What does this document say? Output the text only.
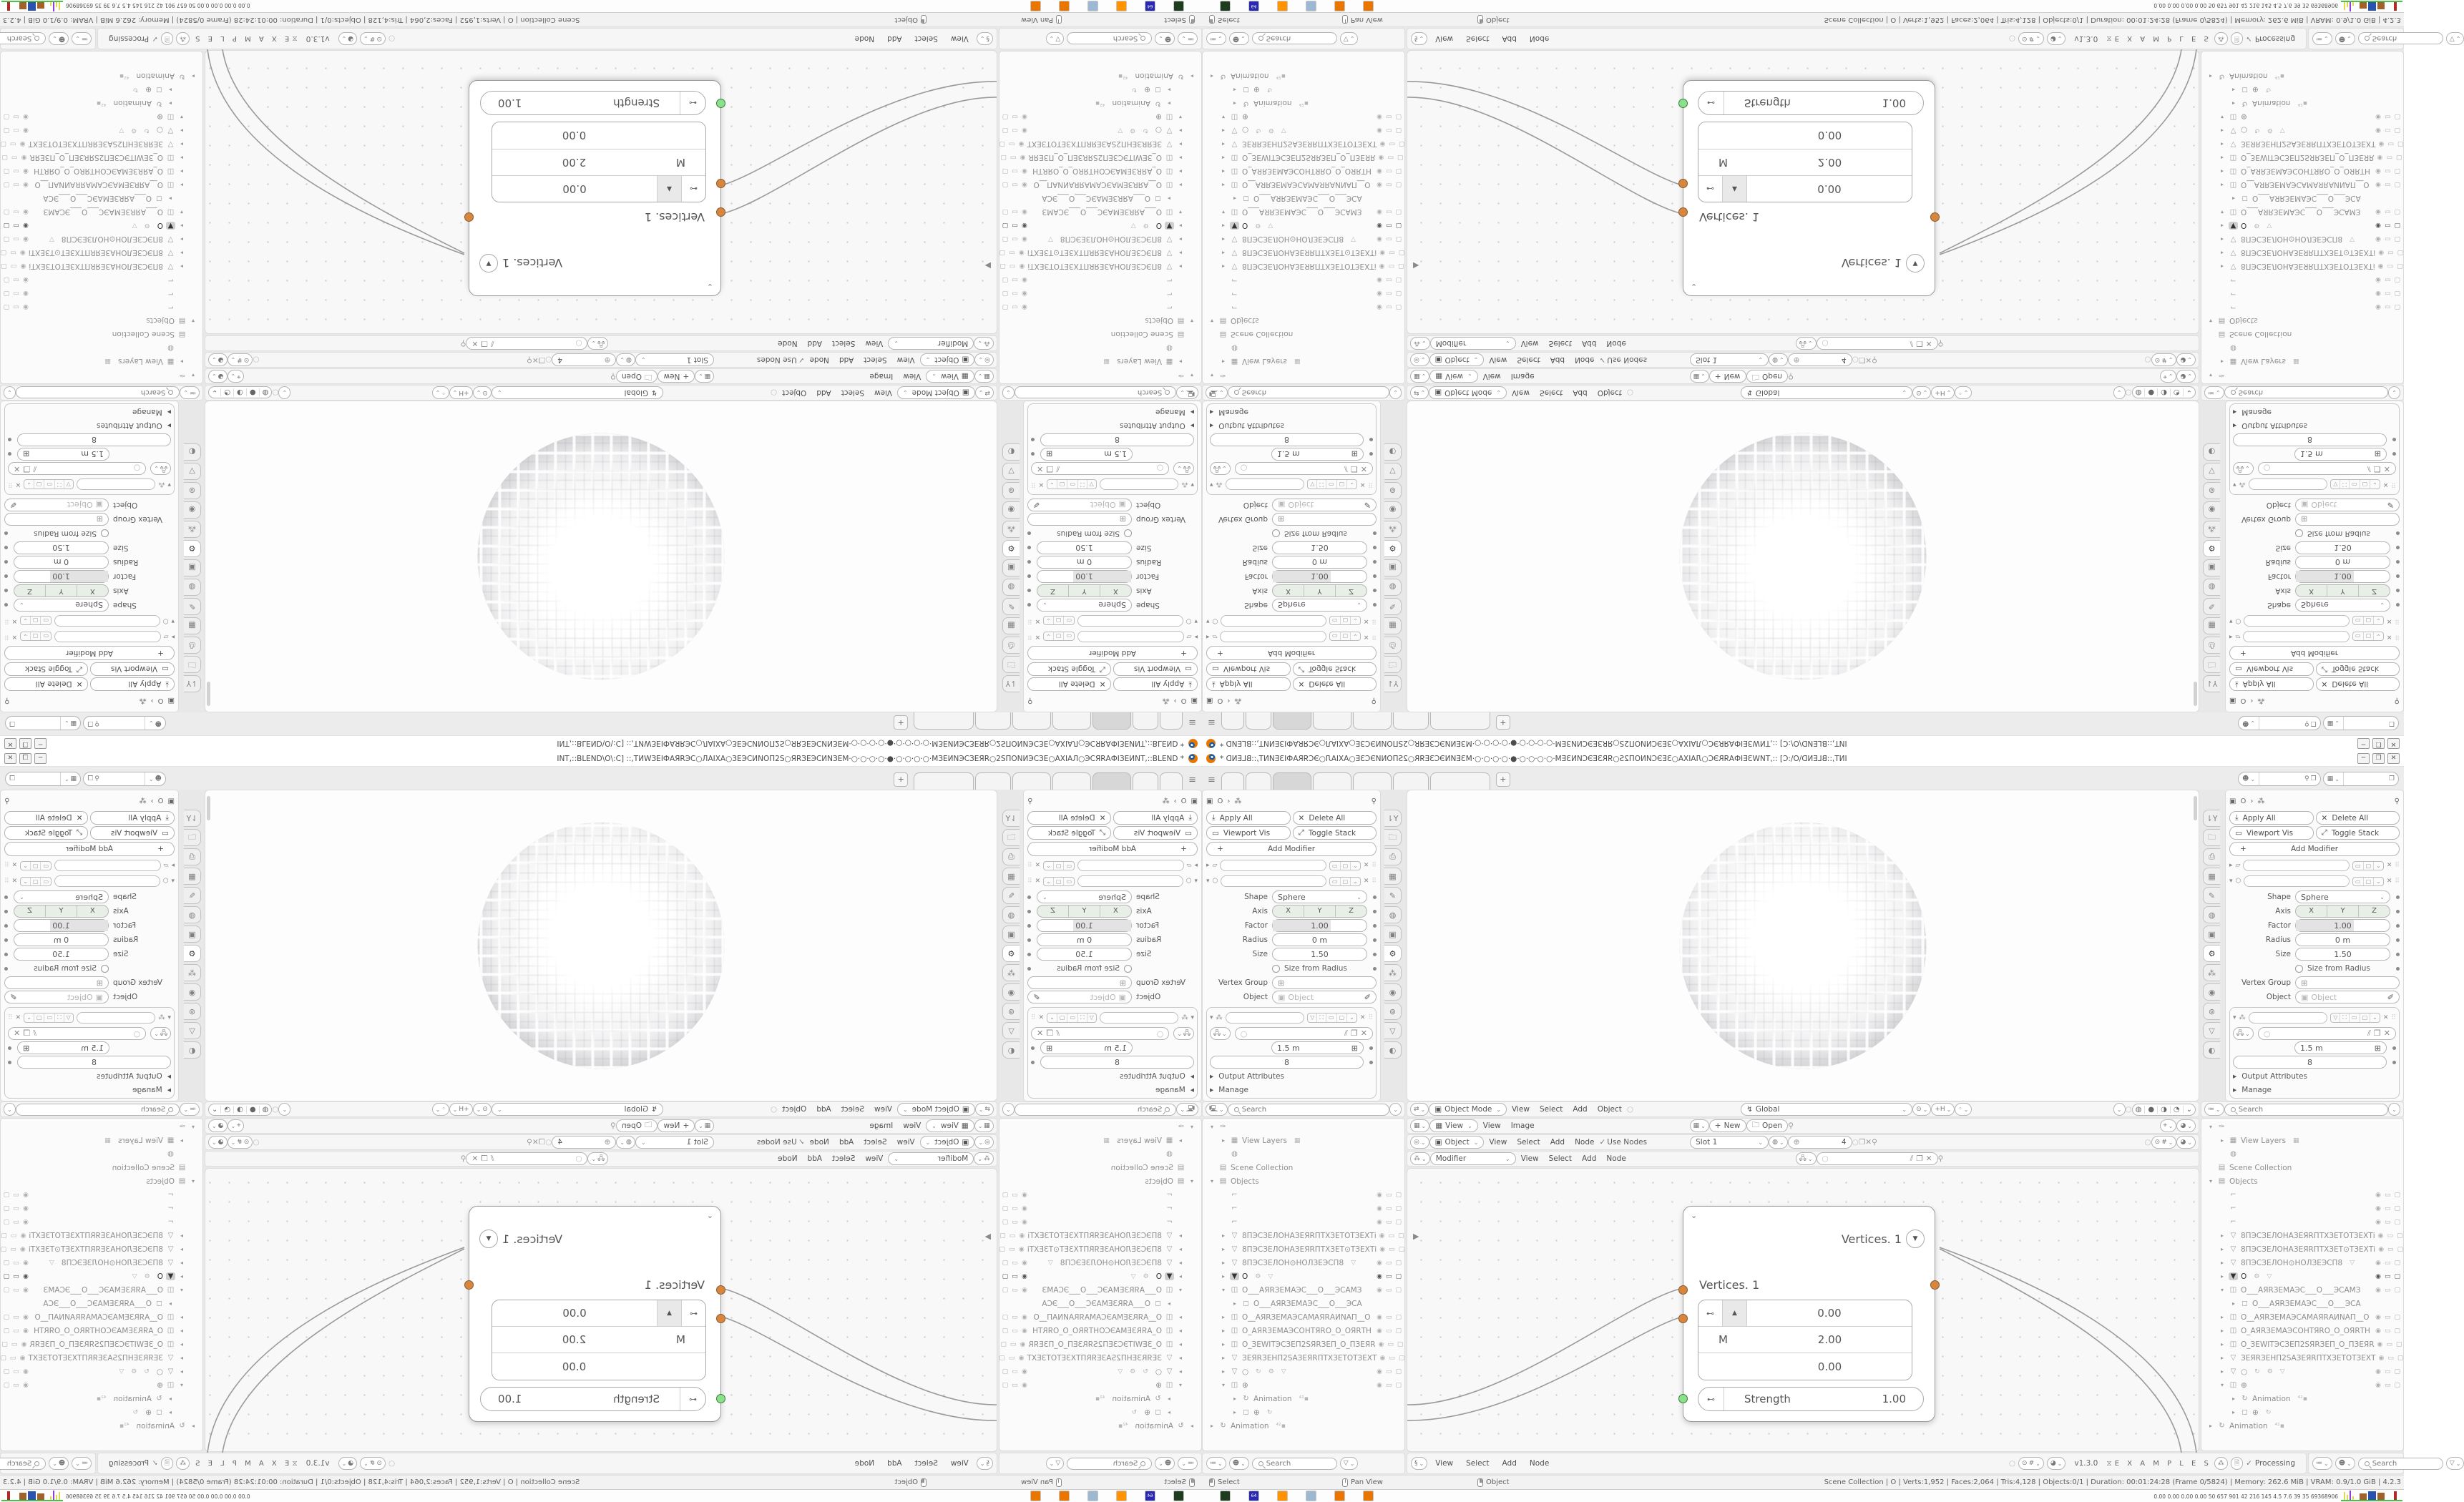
INT,::BLEND\O\:C] ::,TИWЗЕIФАЯRЭС○ЛАIХА○ЗЕЭСИNОП2S○ЯRЗЕЭСИNЗЕМ·○·○·○·○·●·○·○·○·○·МЗЕИNЭСЗЕЯR○2SПОNИЭСЗЕ○АХIАЛ○ЭСЯRАФІЗЕИNТ,::BLEND *
─
❒
✕
≡
+
☻
⌄
⚲
❐
▦
⌄
❐
▣
O
›
⁂
⚲
⤓
Apply All
✕
Delete All
▭
Viewport Vis
⤢
Toggle Stack
+
Add Modifier
▸
▱
▭
▢
⌄
✕
⠿
▾
⬡
▭
▢
⌄
✕
⠿
Shape
Sphere
⌄
Axis
X
Y
Z
Factor
1.00
Radius
0 m
Size
1.50
Size from Radius
Vertex Group
⊞
Object
▣
Object
✐
▾
⁂
▽
⛶
▭
▢
⌄
✕
⠿
🖧
⌄
○
⫽
❐
✕
1.5 m
⊞
8
▸
Output Attributes
▸
Manage
⇂Y
🗀
⎙
▦
✎
◍
▣
⚙
⁂
◉
⊚
▽
◐
▣
O
›
⁂
⚲
⤓
Apply All
✕
Delete All
▭
Viewport Vis
⤢
Toggle Stack
+
Add Modifier
▸
▱
▭
▢
⌄
✕
⠿
▾
⬡
▭
▢
⌄
✕
⠿
Shape
Sphere
⌄
Axis
X
Y
Z
Factor
1.00
Radius
0 m
Size
1.50
Size from Radius
Vertex Group
⊞
Object
▣
Object
✐
▾
⁂
▽
⛶
▭
▢
⌄
✕
⠿
🖧
⌄
○
⫽
❐
✕
1.5 m
⊞
8
▸
Output Attributes
▸
Manage
⇂Y
🗀
⎙
▦
✎
◍
▣
⚙
⁂
◉
⊚
▽
◐
🖳
⌄
Search
⌄
⇄
⌄
▣
Object Mode
⌄
View
Select
Add
Object
○
↯
Global
⌄
⊙
⌄
+H
⌄
◦
⌄
⌄
○
◍
●
◑
◔
⌄
≔
⌄
Search
⌄
▦
⌄
▦
View
⌄
View
Image
▦
⌄
+
New
🗀
Open
⚲
⌖
⌄
◕
⌄
◎
⌄
▣
Object
⌄
View
Select
Add
Node
✓
Use Nodes
Slot 1
⌄
◍
⌄
⊕
4
○
❐
✕
⚲
○
⊙
#
⌄
◕
⌄
⁂
⌄
Modifier
⌄
View
Select
Add
Node
🖧
⌄
○
⫽
❐
✕
⚲
▾
✑
▸
▦
View Layers
▦
◍
▤
Scene Collection
▾
▤
Objects
⌐
◉
▭
▢
⌐
◉
▭
▢
⌐
◉
▭
▢
▸
▽
8ПЭСЗЕЛОНАЗЕЯRПТХЗЕТОТЗЕХТi
◉
▭
▢
▸
▽
8ПЭСЗЕЛОНАЗЕЯRПТХЗЕТ⊙ТЗЕХТi
◉
▭
▢
▸
▽
8ПЭСЗЕЛОН⊙НОЛЗЕЭСП8
▽
◉
▭
▢
▸
▼
O
⚙
▽
◉
▭
▢
▾
◫
O___АЯRЗЕМАЭС___O___ЭСАМЗ
◉
▭
▢
▸
◻
O___АЯRЗЕМАЭС___O___ЭСА
▸
◫
O__АЯRЗЕМАЭСАМАЯRАИNАП__O
◉
▭
▢
▸
◫
O_АЯRЗЕМАЭСОНТЯRO_O_OЯRТН
◉
▭
▢
▸
◫
O_ЗЕWIТЭСЗЕП2SЯRЗЕП_O_ПЗЕЯR
◉
▭
▢
▸
▽
ЗЕЯRЗЕНП2SАЗЕЯRПТХЗЕТОТЗЕХТ
◉
▭
▢
▸
▽
○
↻
⚙
▽
◉
▭
▢
▾
◫
⊕
◉
▭
▢
▸
↻
Animation
⁴²▪
▸
◻
⊕
↻
▸
↻
Animation
⁴²▪
▾
✑
▸
▦
View Layers
▦
◍
▤
Scene Collection
▾
▤
Objects
⌐
◉
▭
▢
⌐
◉
▭
▢
⌐
◉
▭
▢
▸
▽
8ПЭСЗЕЛОНАЗЕЯRПТХЗЕТОТЗЕХТi
◉
▭
▢
▸
▽
8ПЭСЗЕЛОНАЗЕЯRПТХЗЕТ⊙ТЗЕХТi
◉
▭
▢
▸
▽
8ПЭСЗЕЛОН⊙НОЛЗЕЭСП8
▽
◉
▭
▢
▸
▼
O
⚙
▽
◉
▭
▢
▾
◫
O___АЯRЗЕМАЭС___O___ЭСАМЗ
◉
▭
▢
▸
◻
O___АЯRЗЕМАЭС___O___ЭСА
▸
◫
O__АЯRЗЕМАЭСАМАЯRАИNАП__O
◉
▭
▢
▸
◫
O_АЯRЗЕМАЭСОНТЯRO_O_OЯRТН
◉
▭
▢
▸
◫
O_ЗЕWIТЭСЗЕП2SЯRЗЕП_O_ПЗЕЯR
◉
▭
▢
▸
▽
ЗЕЯRЗЕНП2SАЗЕЯRПТХЗЕТОТЗЕХТ
◉
▭
▢
▸
▽
○
↻
⚙
▽
◉
▭
▢
▾
◫
⊕
◉
▭
▢
▸
↻
Animation
⁴²▪
▸
◻
⊕
↻
▸
↻
Animation
⁴²▪
▶
⌄
Vertices. 1
▼
Vertices. 1
⊷
▲
0.00
M
2.00
0.00
⊷
Strength
1.00
≔
⌄
☻
⌄
Search
▽
⌄
§
⌄
View
Select
Add
Node
○
⊙
#
⌄
◕
⌄
v1.3.0
⧖
E X A M P L E S
⁂
🗎
✓
Processing
≔
⌄
☻
⌄
Search
Scene Collection | O | Verts:1,952 | Faces:2,064 | Tris:4,128 | Objects:0/1 | Duration: 00:01:24:28 (Frame 0/5824) | Memory: 262.6 MiB | VRAM: 0.9/1.0 GiB | 4.2.3	Select
Pan View
Object
64
0.00 0.00 0.00 0.00 50 657 901 42 216 145 4.5 7.6 39 35 69368906
INT,::BLEND\O\:C] ::,TИWЗЕIФАЯRЭС○ЛАIХА○ЗЕЭСИNОП2S○ЯRЗЕЭСИNЗЕМ·○·○·○·○·●·○·○·○·○·МЗЕИNЭСЗЕЯR○2SПОNИЭСЗЕ○АХIАЛ○ЭСЯRАФІЗЕИNТ,::BLEND *	─	❒	✕
≡	+	☻ ⌄	⚲ ❐ ▦ ⌄	❐
▣ O › ⁂	⚲
⤓ Apply All	✕ Delete All
▭ Viewport Vis	⤢ Toggle Stack
+	Add Modifier
▸ ▱	▭ ▢ ⌄ ✕ ⠿
▾ ⬡	▭ ▢ ⌄ ✕ ⠿
Shape Sphere	⌄
Axis	X	Y	Z
Factor	1.00
Radius	0 m
Size	1.50
Size from Radius
Vertex Group ⊞
Object ▣ Object	✐
▾ ⁂	▽ ⛶ ▭ ▢ ⌄ ✕ ⠿
🖧 ⌄ ○	⫽ ❐ ✕
1.5 m	⊞
8
▸ Output Attributes
▸ Manage
⇂Y
🗀
⎙
▦
✎
◍
▣
⚙
⁂
◉
⊚
▽
◐
▣ O › ⁂	⚲
⤓ Apply All	✕ Delete All
▭ Viewport Vis	⤢ Toggle Stack
+	Add Modifier
▸ ▱	▭ ▢ ⌄ ✕ ⠿
▾ ⬡	▭ ▢ ⌄ ✕ ⠿
Shape Sphere	⌄
Axis	X	Y	Z
Factor	1.00
Radius	0 m
Size	1.50
Size from Radius
Vertex Group ⊞
Object ▣ Object	✐
▾ ⁂	▽ ⛶ ▭ ▢ ⌄ ✕ ⠿
🖧 ⌄ ○	⫽ ❐ ✕
1.5 m	⊞
8
▸ Output Attributes
▸ Manage
⇂Y
🗀
⎙
▦
✎
◍
▣
⚙
⁂
◉
⊚
▽
◐
🖳 ⌄
Search	⌄ ⇄ ⌄ ▣ Object Mode ⌄ View Select Add Object ○	↯ Global	⌄ ⊙ ⌄ +H ⌄ ◦ ⌄	⌄ ○ ◍ ● ◑ ◔ ⌄	≔ ⌄
Search	⌄
▦ ⌄ ▦ View ⌄ View Image	▦ ⌄ + New 🗀 Open ⚲	⌖ ⌄ ◕ ⌄
◎ ⌄ ▣ Object ⌄ View Select Add Node ✓ Use Nodes	Slot 1	⌄ ◍ ⌄ ⊕	4 ○ ❐ ✕ ⚲	○ ⊙ # ⌄ ◕ ⌄
⁂ ⌄ Modifier	⌄ View Select Add Node	🖧 ⌄ ○	⫽ ❐ ✕ ⚲
▾ ✑
▸ ▦ View Layers ▦
◍
▤ Scene Collection
▾ ▤ Objects
⌐	◉ ▭ ▢
⌐	◉ ▭ ▢
⌐	◉ ▭ ▢
▸ ▽ 8ПЭСЗЕЛОНАЗЕЯRПТХЗЕТОТЗЕХТi ◉ ▭ ▢
▸ ▽ 8ПЭСЗЕЛОНАЗЕЯRПТХЗЕТ⊙ТЗЕХТi ◉ ▭ ▢
▸ ▽ 8ПЭСЗЕЛОН⊙НОЛЗЕЭСП8 ▽	◉ ▭ ▢
▸ ▼ O ⚙ ▽	◉ ▭ ▢
▾ ◫ O___АЯRЗЕМАЭС___O___ЭСАМЗ ◉ ▭ ▢
▸ ◻ O___АЯRЗЕМАЭС___O___ЭСА
▸ ◫ O__АЯRЗЕМАЭСАМАЯRАИNАП__O ◉ ▭ ▢
▸ ◫ O_АЯRЗЕМАЭСОНТЯRO_O_OЯRТН ◉ ▭ ▢
▸ ◫ O_ЗЕWIТЭСЗЕП2SЯRЗЕП_O_ПЗЕЯR ◉ ▭ ▢
▸ ▽ ЗЕЯRЗЕНП2SАЗЕЯRПТХЗЕТОТЗЕХТ ◉ ▭ ▢
▸ ▽ ○ ↻ ⚙ ▽	◉ ▭ ▢
▾ ◫ ⊕	◉ ▭ ▢
▸ ↻ Animation ⁴²▪
▸ ◻ ⊕ ↻
▸ ↻ Animation ⁴²▪
▾ ✑
▸ ▦ View Layers ▦
◍
▤ Scene Collection
▾ ▤ Objects
⌐	◉ ▭ ▢
⌐	◉ ▭ ▢
⌐	◉ ▭ ▢
▸ ▽ 8ПЭСЗЕЛОНАЗЕЯRПТХЗЕТОТЗЕХТi ◉ ▭ ▢
▸ ▽ 8ПЭСЗЕЛОНАЗЕЯRПТХЗЕТ⊙ТЗЕХТi ◉ ▭ ▢
▸ ▽ 8ПЭСЗЕЛОН⊙НОЛЗЕЭСП8 ▽	◉ ▭ ▢
▸ ▼ O ⚙ ▽	◉ ▭ ▢
▾ ◫ O___АЯRЗЕМАЭС___O___ЭСАМЗ ◉ ▭ ▢
▸ ◻ O___АЯRЗЕМАЭС___O___ЭСА
▸ ◫ O__АЯRЗЕМАЭСАМАЯRАИNАП__O ◉ ▭ ▢
▸ ◫ O_АЯRЗЕМАЭСОНТЯRO_O_OЯRТН ◉ ▭ ▢
▸ ◫ O_ЗЕWIТЭСЗЕП2SЯRЗЕП_O_ПЗЕЯR ◉ ▭ ▢
▸ ▽ ЗЕЯRЗЕНП2SАЗЕЯRПТХЗЕТОТЗЕХТ ◉ ▭ ▢
▸ ▽ ○ ↻ ⚙ ▽	◉ ▭ ▢
▾ ◫ ⊕	◉ ▭ ▢
▸ ↻ Animation ⁴²▪
▸ ◻ ⊕ ↻
▸ ↻ Animation ⁴²▪
▶
⌄
Vertices. 1	▼
Vertices. 1
⊷	▲	0.00
M	2.00
0.00
⊷	Strength	1.00
≔ ⌄ ☻ ⌄
Search	▽ ⌄	§ ⌄ View Select Add Node	○ ⊙ # ⌄ ◕ ⌄ v1.3.0 ⧖ E X A M P L E S ⁂ 🗎 ✓ Processing	≔ ⌄ ☻ ⌄
Search	▽ ⌄
Scene Collection | O | Verts:1,952 | Faces:2,064 | Tris:4,128 | Objects:0/1 | Duration: 00:01:24:28 (Frame 0/5824) | Memory: 262.6 MiB | VRAM: 0.9/1.0 GiB | 4.2.3
Select	Pan View	Object
64	0.00 0.00 0.00 0.00 50 657 901 42 216 145 4.5 7.6 39 35 69368906
INT,::BLEND\O\:C] ::,TИWЗЕIФАЯRЭС○ЛАIХА○ЗЕЭСИNОП2S○ЯRЗЕЭСИNЗЕМ·○·○·○·○·●·○·○·○·○·МЗЕИNЭСЗЕЯR○2SПОNИЭСЗЕ○АХIАЛ○ЭСЯRАФІЗЕИNТ,::BLEND *
─
❒
✕
≡
+
☻
⌄
⚲
❐
▦
⌄
❐
▣
O
›
⁂
⚲
⤓
Apply All
✕
Delete All
▭
Viewport Vis
⤢
Toggle Stack
+
Add Modifier
▸
▱
▭
▢
⌄
✕
⠿
▾
⬡
▭
▢
⌄
✕
⠿
Shape
Sphere
⌄
Axis
X
Y
Z
Factor
1.00
Radius
0 m
Size
1.50
Size from Radius
Vertex Group
⊞
Object
▣
Object
✐
▾
⁂
▽
⛶
▭
▢
⌄
✕
⠿
🖧
⌄
○
⫽
❐
✕
1.5 m
⊞
8
▸
Output Attributes
▸
Manage
⇂Y
🗀
⎙
▦
✎
◍
▣
⚙
⁂
◉
⊚
▽
◐
▣
O
›
⁂
⚲
⤓
Apply All
✕
Delete All
▭
Viewport Vis
⤢
Toggle Stack
+
Add Modifier
▸
▱
▭
▢
⌄
✕
⠿
▾
⬡
▭
▢
⌄
✕
⠿
Shape
Sphere
⌄
Axis
X
Y
Z
Factor
1.00
Radius
0 m
Size
1.50
Size from Radius
Vertex Group
⊞
Object
▣
Object
✐
▾
⁂
▽
⛶
▭
▢
⌄
✕
⠿
🖧
⌄
○
⫽
❐
✕
1.5 m
⊞
8
▸
Output Attributes
▸
Manage
⇂Y
🗀
⎙
▦
✎
◍
▣
⚙
⁂
◉
⊚
▽
◐
🖳
⌄
Search
⌄
⇄
⌄
▣
Object Mode
⌄
View
Select
Add
Object
○
↯
Global
⌄
⊙
⌄
+H
⌄
◦
⌄
⌄
○
◍
●
◑
◔
⌄
≔
⌄
Search
⌄
▦
⌄
▦
View
⌄
View
Image
▦
⌄
+
New
🗀
Open
⚲
⌖
⌄
◕
⌄
◎
⌄
▣
Object
⌄
View
Select
Add
Node
✓
Use Nodes
Slot 1
⌄
◍
⌄
⊕
4
○
❐
✕
⚲
○
⊙
#
⌄
◕
⌄
⁂
⌄
Modifier
⌄
View
Select
Add
Node
🖧
⌄
○
⫽
❐
✕
⚲
▾
✑
▸
▦
View Layers
▦
◍
▤
Scene Collection
▾
▤
Objects
⌐
◉
▭
▢
⌐
◉
▭
▢
⌐
◉
▭
▢
▸
▽
8ПЭСЗЕЛОНАЗЕЯRПТХЗЕТОТЗЕХТi
◉
▭
▢
▸
▽
8ПЭСЗЕЛОНАЗЕЯRПТХЗЕТ⊙ТЗЕХТi
◉
▭
▢
▸
▽
8ПЭСЗЕЛОН⊙НОЛЗЕЭСП8
▽
◉
▭
▢
▸
▼
O
⚙
▽
◉
▭
▢
▾
◫
O___АЯRЗЕМАЭС___O___ЭСАМЗ
◉
▭
▢
▸
◻
O___АЯRЗЕМАЭС___O___ЭСА
▸
◫
O__АЯRЗЕМАЭСАМАЯRАИNАП__O
◉
▭
▢
▸
◫
O_АЯRЗЕМАЭСОНТЯRO_O_OЯRТН
◉
▭
▢
▸
◫
O_ЗЕWIТЭСЗЕП2SЯRЗЕП_O_ПЗЕЯR
◉
▭
▢
▸
▽
ЗЕЯRЗЕНП2SАЗЕЯRПТХЗЕТОТЗЕХТ
◉
▭
▢
▸
▽
○
↻
⚙
▽
◉
▭
▢
▾
◫
⊕
◉
▭
▢
▸
↻
Animation
⁴²▪
▸
◻
⊕
↻
▸
↻
Animation
⁴²▪
▾
✑
▸
▦
View Layers
▦
◍
▤
Scene Collection
▾
▤
Objects
⌐
◉
▭
▢
⌐
◉
▭
▢
⌐
◉
▭
▢
▸
▽
8ПЭСЗЕЛОНАЗЕЯRПТХЗЕТОТЗЕХТi
◉
▭
▢
▸
▽
8ПЭСЗЕЛОНАЗЕЯRПТХЗЕТ⊙ТЗЕХТi
◉
▭
▢
▸
▽
8ПЭСЗЕЛОН⊙НОЛЗЕЭСП8
▽
◉
▭
▢
▸
▼
O
⚙
▽
◉
▭
▢
▾
◫
O___АЯRЗЕМАЭС___O___ЭСАМЗ
◉
▭
▢
▸
◻
O___АЯRЗЕМАЭС___O___ЭСА
▸
◫
O__АЯRЗЕМАЭСАМАЯRАИNАП__O
◉
▭
▢
▸
◫
O_АЯRЗЕМАЭСОНТЯRO_O_OЯRТН
◉
▭
▢
▸
◫
O_ЗЕWIТЭСЗЕП2SЯRЗЕП_O_ПЗЕЯR
◉
▭
▢
▸
▽
ЗЕЯRЗЕНП2SАЗЕЯRПТХЗЕТОТЗЕХТ
◉
▭
▢
▸
▽
○
↻
⚙
▽
◉
▭
▢
▾
◫
⊕
◉
▭
▢
▸
↻
Animation
⁴²▪
▸
◻
⊕
↻
▸
↻
Animation
⁴²▪
▶
⌄
Vertices. 1
▼
Vertices. 1
⊷
▲
0.00
M
2.00
0.00
⊷
Strength
1.00
≔
⌄
☻
⌄
Search
▽
⌄
§
⌄
View
Select
Add
Node
○
⊙
#
⌄
◕
⌄
v1.3.0
⧖
E X A M P L E S
⁂
🗎
✓
Processing
≔
⌄
☻
⌄
Search
Scene Collection | O | Verts:1,952 | Faces:2,064 | Tris:4,128 | Objects:0/1 | Duration: 00:01:24:28 (Frame 0/5824) | Memory: 262.6 MiB | VRAM: 0.9/1.0 GiB | 4.2.3	Select
Pan View
Object
64
0.00 0.00 0.00 0.00 50 657 901 42 216 145 4.5 7.6 39 35 69368906
INT,::BLEND\O\:C] ::,TИWЗЕIФАЯRЭС○ЛАIХА○ЗЕЭСИNОП2S○ЯRЗЕЭСИNЗЕМ·○·○·○·○·●·○·○·○·○·МЗЕИNЭСЗЕЯR○2SПОNИЭСЗЕ○АХIАЛ○ЭСЯRАФІЗЕИNТ,::BLEND *	─	❒	✕
≡	+	☻ ⌄	⚲ ❐ ▦ ⌄	❐
▣ O › ⁂	⚲
⤓ Apply All	✕ Delete All
▭ Viewport Vis	⤢ Toggle Stack
+	Add Modifier
▸ ▱	▭ ▢ ⌄ ✕ ⠿
▾ ⬡	▭ ▢ ⌄ ✕ ⠿
Shape Sphere	⌄
Axis	X	Y	Z
Factor	1.00
Radius	0 m
Size	1.50
Size from Radius
Vertex Group ⊞
Object ▣ Object	✐
▾ ⁂	▽ ⛶ ▭ ▢ ⌄ ✕ ⠿
🖧 ⌄ ○	⫽ ❐ ✕
1.5 m	⊞
8
▸ Output Attributes
▸ Manage
⇂Y
🗀
⎙
▦
✎
◍
▣
⚙
⁂
◉
⊚
▽
◐
▣ O › ⁂	⚲
⤓ Apply All	✕ Delete All
▭ Viewport Vis	⤢ Toggle Stack
+	Add Modifier
▸ ▱	▭ ▢ ⌄ ✕ ⠿
▾ ⬡	▭ ▢ ⌄ ✕ ⠿
Shape Sphere	⌄
Axis	X	Y	Z
Factor	1.00
Radius	0 m
Size	1.50
Size from Radius
Vertex Group ⊞
Object ▣ Object	✐
▾ ⁂	▽ ⛶ ▭ ▢ ⌄ ✕ ⠿
🖧 ⌄ ○	⫽ ❐ ✕
1.5 m	⊞
8
▸ Output Attributes
▸ Manage
⇂Y
🗀
⎙
▦
✎
◍
▣
⚙
⁂
◉
⊚
▽
◐
🖳 ⌄
Search	⌄ ⇄ ⌄ ▣ Object Mode ⌄ View Select Add Object ○	↯ Global	⌄ ⊙ ⌄ +H ⌄ ◦ ⌄	⌄ ○ ◍ ● ◑ ◔ ⌄	≔ ⌄
Search	⌄
▦ ⌄ ▦ View ⌄ View Image	▦ ⌄ + New 🗀 Open ⚲	⌖ ⌄ ◕ ⌄
◎ ⌄ ▣ Object ⌄ View Select Add Node ✓ Use Nodes	Slot 1	⌄ ◍ ⌄ ⊕	4 ○ ❐ ✕ ⚲	○ ⊙ # ⌄ ◕ ⌄
⁂ ⌄ Modifier	⌄ View Select Add Node	🖧 ⌄ ○	⫽ ❐ ✕ ⚲
▾ ✑
▸ ▦ View Layers ▦
◍
▤ Scene Collection
▾ ▤ Objects
⌐	◉ ▭ ▢
⌐	◉ ▭ ▢
⌐	◉ ▭ ▢
▸ ▽ 8ПЭСЗЕЛОНАЗЕЯRПТХЗЕТОТЗЕХТi ◉ ▭ ▢
▸ ▽ 8ПЭСЗЕЛОНАЗЕЯRПТХЗЕТ⊙ТЗЕХТi ◉ ▭ ▢
▸ ▽ 8ПЭСЗЕЛОН⊙НОЛЗЕЭСП8 ▽	◉ ▭ ▢
▸ ▼ O ⚙ ▽	◉ ▭ ▢
▾ ◫ O___АЯRЗЕМАЭС___O___ЭСАМЗ ◉ ▭ ▢
▸ ◻ O___АЯRЗЕМАЭС___O___ЭСА
▸ ◫ O__АЯRЗЕМАЭСАМАЯRАИNАП__O ◉ ▭ ▢
▸ ◫ O_АЯRЗЕМАЭСОНТЯRO_O_OЯRТН ◉ ▭ ▢
▸ ◫ O_ЗЕWIТЭСЗЕП2SЯRЗЕП_O_ПЗЕЯR ◉ ▭ ▢
▸ ▽ ЗЕЯRЗЕНП2SАЗЕЯRПТХЗЕТОТЗЕХТ ◉ ▭ ▢
▸ ▽ ○ ↻ ⚙ ▽	◉ ▭ ▢
▾ ◫ ⊕	◉ ▭ ▢
▸ ↻ Animation ⁴²▪
▸ ◻ ⊕ ↻
▸ ↻ Animation ⁴²▪
▾ ✑
▸ ▦ View Layers ▦
◍
▤ Scene Collection
▾ ▤ Objects
⌐	◉ ▭ ▢
⌐	◉ ▭ ▢
⌐	◉ ▭ ▢
▸ ▽ 8ПЭСЗЕЛОНАЗЕЯRПТХЗЕТОТЗЕХТi ◉ ▭ ▢
▸ ▽ 8ПЭСЗЕЛОНАЗЕЯRПТХЗЕТ⊙ТЗЕХТi ◉ ▭ ▢
▸ ▽ 8ПЭСЗЕЛОН⊙НОЛЗЕЭСП8 ▽	◉ ▭ ▢
▸ ▼ O ⚙ ▽	◉ ▭ ▢
▾ ◫ O___АЯRЗЕМАЭС___O___ЭСАМЗ ◉ ▭ ▢
▸ ◻ O___АЯRЗЕМАЭС___O___ЭСА
▸ ◫ O__АЯRЗЕМАЭСАМАЯRАИNАП__O ◉ ▭ ▢
▸ ◫ O_АЯRЗЕМАЭСОНТЯRO_O_OЯRТН ◉ ▭ ▢
▸ ◫ O_ЗЕWIТЭСЗЕП2SЯRЗЕП_O_ПЗЕЯR ◉ ▭ ▢
▸ ▽ ЗЕЯRЗЕНП2SАЗЕЯRПТХЗЕТОТЗЕХТ ◉ ▭ ▢
▸ ▽ ○ ↻ ⚙ ▽	◉ ▭ ▢
▾ ◫ ⊕	◉ ▭ ▢
▸ ↻ Animation ⁴²▪
▸ ◻ ⊕ ↻
▸ ↻ Animation ⁴²▪
▶
⌄
Vertices. 1	▼
Vertices. 1
⊷	▲	0.00
M	2.00
0.00
⊷	Strength	1.00
≔ ⌄ ☻ ⌄
Search	▽ ⌄	§ ⌄ View Select Add Node	○ ⊙ # ⌄ ◕ ⌄ v1.3.0 ⧖ E X A M P L E S ⁂ 🗎 ✓ Processing	≔ ⌄ ☻ ⌄
Search	▽ ⌄
Scene Collection | O | Verts:1,952 | Faces:2,064 | Tris:4,128 | Objects:0/1 | Duration: 00:01:24:28 (Frame 0/5824) | Memory: 262.6 MiB | VRAM: 0.9/1.0 GiB | 4.2.3
Select	Pan View	Object
64	0.00 0.00 0.00 0.00 50 657 901 42 216 145 4.5 7.6 39 35 69368906
